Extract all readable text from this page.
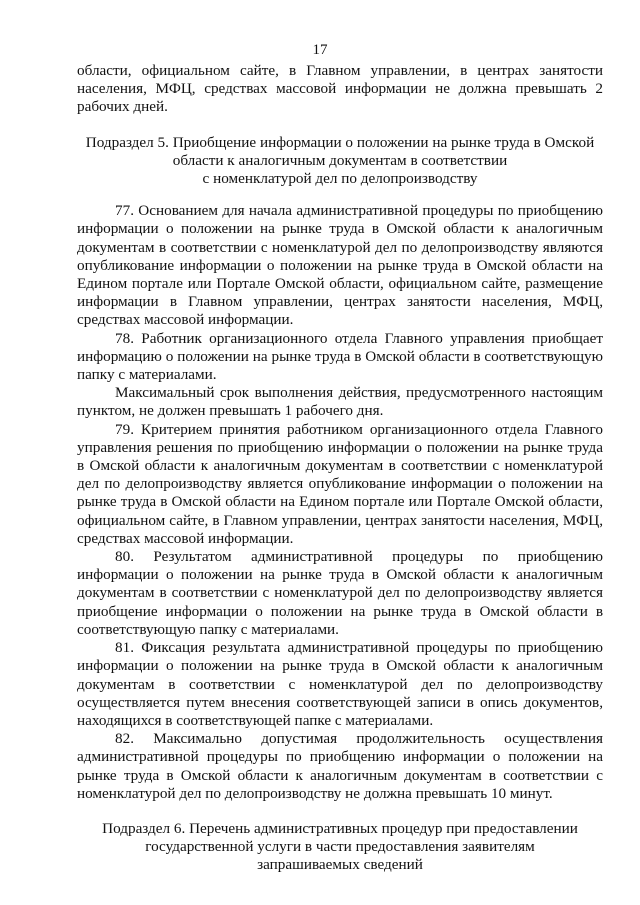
17

области, официальном сайте, в Главном управлении, в центрах занятости населения, МФЦ, средствах массовой информации не должна превышать 2 рабочих дней.

Подраздел 5. Приобщение информации о положении на рынке труда в Омской
области к аналогичным документам в соответствии
с номенклатурой дел по делопроизводству

77. Основанием для начала административной процедуры по приобщению информации о положении на рынке труда в Омской области к аналогичным документам в соответствии с номенклатурой дел по делопроизводству являются опубликование информации о положении на рынке труда в Омской области на Едином портале или Портале Омской области, официальном сайте, размещение информации в Главном управлении, центрах занятости населения, МФЦ, средствах массовой информации.

78. Работник организационного отдела Главного управления приобщает информацию о положении на рынке труда в Омской области в соответствующую папку с материалами.

Максимальный срок выполнения действия, предусмотренного настоящим пунктом, не должен превышать 1 рабочего дня.

79. Критерием принятия работником организационного отдела Главного управления решения по приобщению информации о положении на рынке труда в Омской области к аналогичным документам в соответствии с номенклатурой дел по делопроизводству является опубликование информации о положении на рынке труда в Омской области на Едином портале или Портале Омской области, официальном сайте, в Главном управлении, центрах занятости населения, МФЦ, средствах массовой информации.

80. Результатом административной процедуры по приобщению информации о положении на рынке труда в Омской области к аналогичным документам в соответствии с номенклатурой дел по делопроизводству является приобщение информации о положении на рынке труда в Омской области в соответствующую папку с материалами.

81. Фиксация результата административной процедуры по приобщению информации о положении на рынке труда в Омской области к аналогичным документам в соответствии с номенклатурой дел по делопроизводству осуществляется путем внесения соответствующей записи в опись документов, находящихся в соответствующей папке с материалами.

82. Максимально допустимая продолжительность осуществления административной процедуры по приобщению информации о положении на рынке труда в Омской области к аналогичным документам в соответствии с номенклатурой дел по делопроизводству не должна превышать 10 минут.

Подраздел 6. Перечень административных процедур при предоставлении
государственной услуги в части предоставления заявителям
запрашиваемых сведений
